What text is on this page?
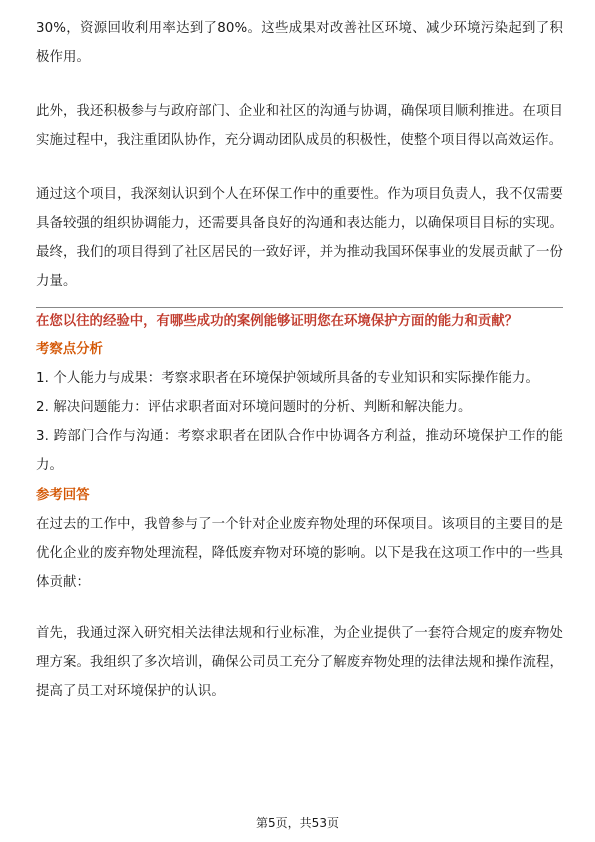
30%，资源回收利用率达到了80%。这些成果对改善社区环境、减少环境污染起到了积极作用。

此外，我还积极参与与政府部门、企业和社区的沟通与协调，确保项目顺利推进。在项目实施过程中，我注重团队协作，充分调动团队成员的积极性，使整个项目得以高效运作。

通过这个项目，我深刻认识到个人在环保工作中的重要性。作为项目负责人，我不仅需要具备较强的组织协调能力，还需要具备良好的沟通和表达能力，以确保项目目标的实现。最终，我们的项目得到了社区居民的一致好评，并为推动我国环保事业的发展贡献了一份力量。

在您以往的经验中，有哪些成功的案例能够证明您在环境保护方面的能力和贡献？

考察点分析

1. 个人能力与成果：考察求职者在环境保护领域所具备的专业知识和实际操作能力。

2. 解决问题能力：评估求职者面对环境问题时的分析、判断和解决能力。

3. 跨部门合作与沟通：考察求职者在团队合作中协调各方利益，推动环境保护工作的能力。

参考回答

在过去的工作中，我曾参与了一个针对企业废弃物处理的环保项目。该项目的主要目的是优化企业的废弃物处理流程，降低废弃物对环境的影响。以下是我在这项工作中的一些具体贡献：

首先，我通过深入研究相关法律法规和行业标准，为企业提供了一套符合规定的废弃物处理方案。我组织了多次培训，确保公司员工充分了解废弃物处理的法律法规和操作流程，提高了员工对环境保护的认识。

第5页，共53页
